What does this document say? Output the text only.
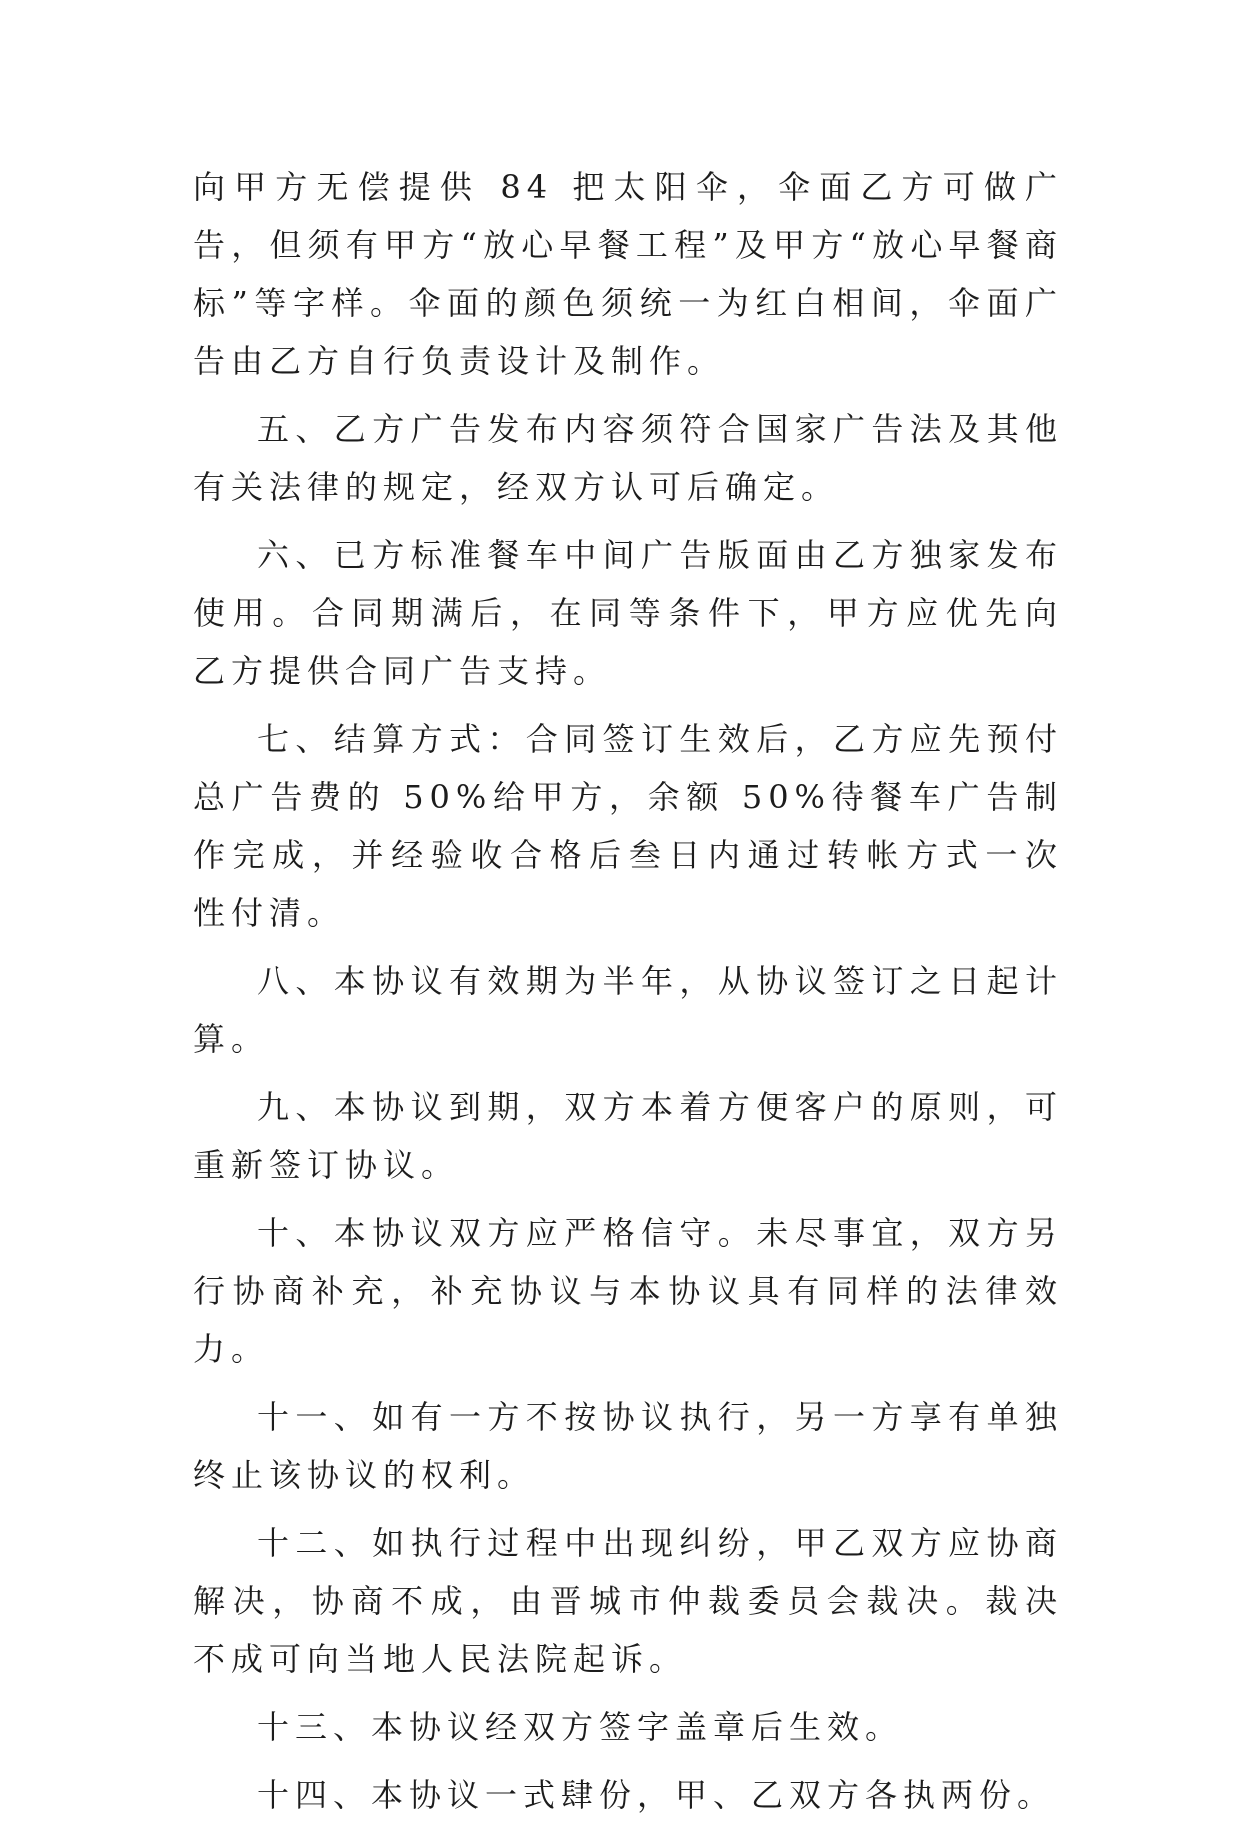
向甲方无偿提供 84 把太阳伞，伞面乙方可做广告，但须有甲方“放心早餐工程”及甲方“放心早餐商标”等字样。伞面的颜色须统一为红白相间，伞面广告由乙方自行负责设计及制作。

五、乙方广告发布内容须符合国家广告法及其他有关法律的规定，经双方认可后确定。

六、已方标准餐车中间广告版面由乙方独家发布使用。合同期满后，在同等条件下，甲方应优先向乙方提供合同广告支持。

七、结算方式：合同签订生效后，乙方应先预付总广告费的 50%给甲方，余额 50%待餐车广告制作完成，并经验收合格后叁日内通过转帐方式一次性付清。

八、本协议有效期为半年，从协议签订之日起计算。

九、本协议到期，双方本着方便客户的原则，可重新签订协议。

十、本协议双方应严格信守。未尽事宜，双方另行协商补充，补充协议与本协议具有同样的法律效力。

十一、如有一方不按协议执行，另一方享有单独终止该协议的权利。

十二、如执行过程中出现纠纷，甲乙双方应协商解决，协商不成，由晋城市仲裁委员会裁决。裁决不成可向当地人民法院起诉。

十三、本协议经双方签字盖章后生效。

十四、本协议一式肆份，甲、乙双方各执两份。
